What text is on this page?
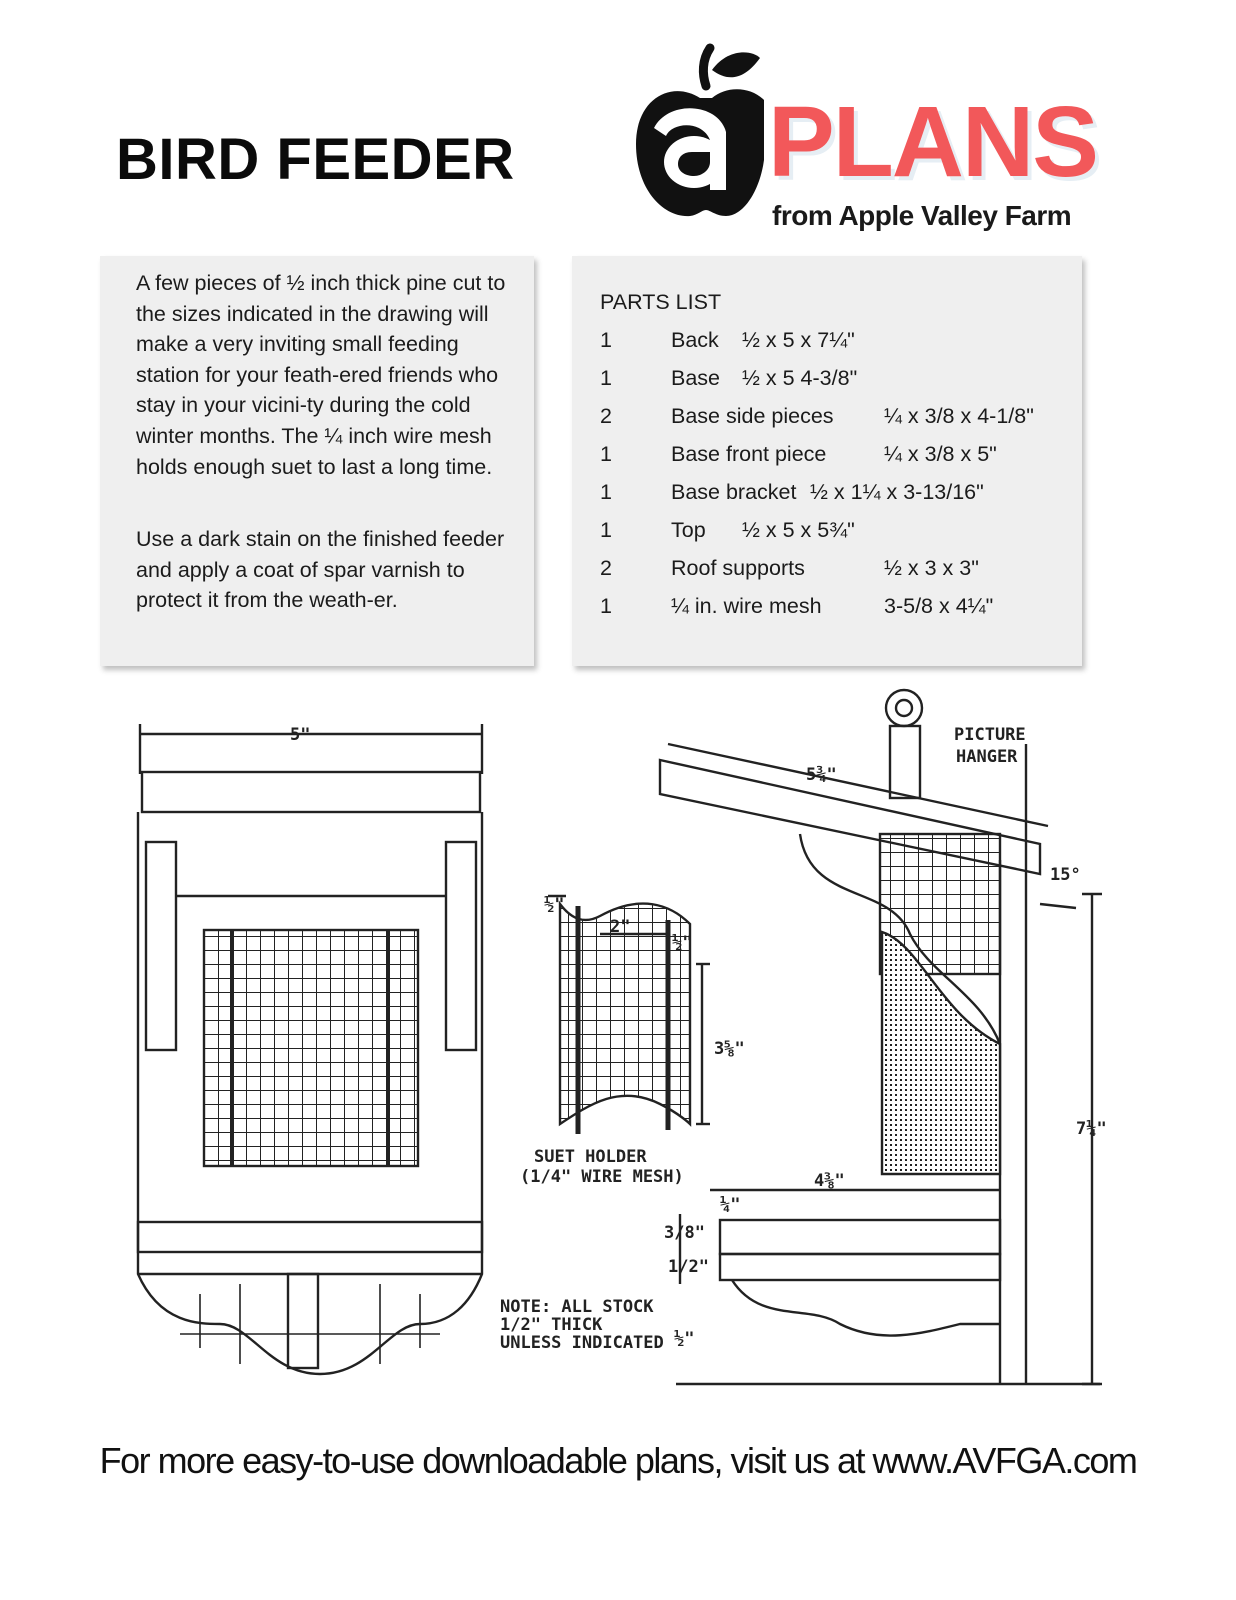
BIRD FEEDER	PLANS
from Apple Valley Farm

A few pieces of ½ inch thick pine cut to the sizes indicated in the drawing will make a very inviting small feeding station for your feath-ered friends who stay in your vicini-ty during the cold winter months. The ¼ inch wire mesh holds enough suet to last a long time.

Use a dark stain on the finished feeder and apply a coat of spar varnish to protect it from the weath-er.

PARTS LIST
1	Back ½ x 5 x 7¼"
1	Base ½ x 5 4-3/8"
2	Base side pieces ¼ x 3/8 x 4-1/8"
1	Base front piece	¼ x 3/8 x 5"
1	Base bracket ½ x 1¼ x 3-13/16"
1	Top ½ x 5 x 5¾"
2	Roof supports	½ x 3 x 3"
1	¼ in. wire mesh	3-5/8 x 4¼"
5"
5¾"
PICTURE
HANGER
15°
2"
3⅝"
½"
½"
SUET HOLDER
(1/4" WIRE MESH)	4⅜"
¼"
3/8"
1/2"
½"
7¼"
NOTE: ALL STOCK
1/2" THICK
UNLESS INDICATED
For more easy-to-use downloadable plans, visit us at www.AVFGA.com
